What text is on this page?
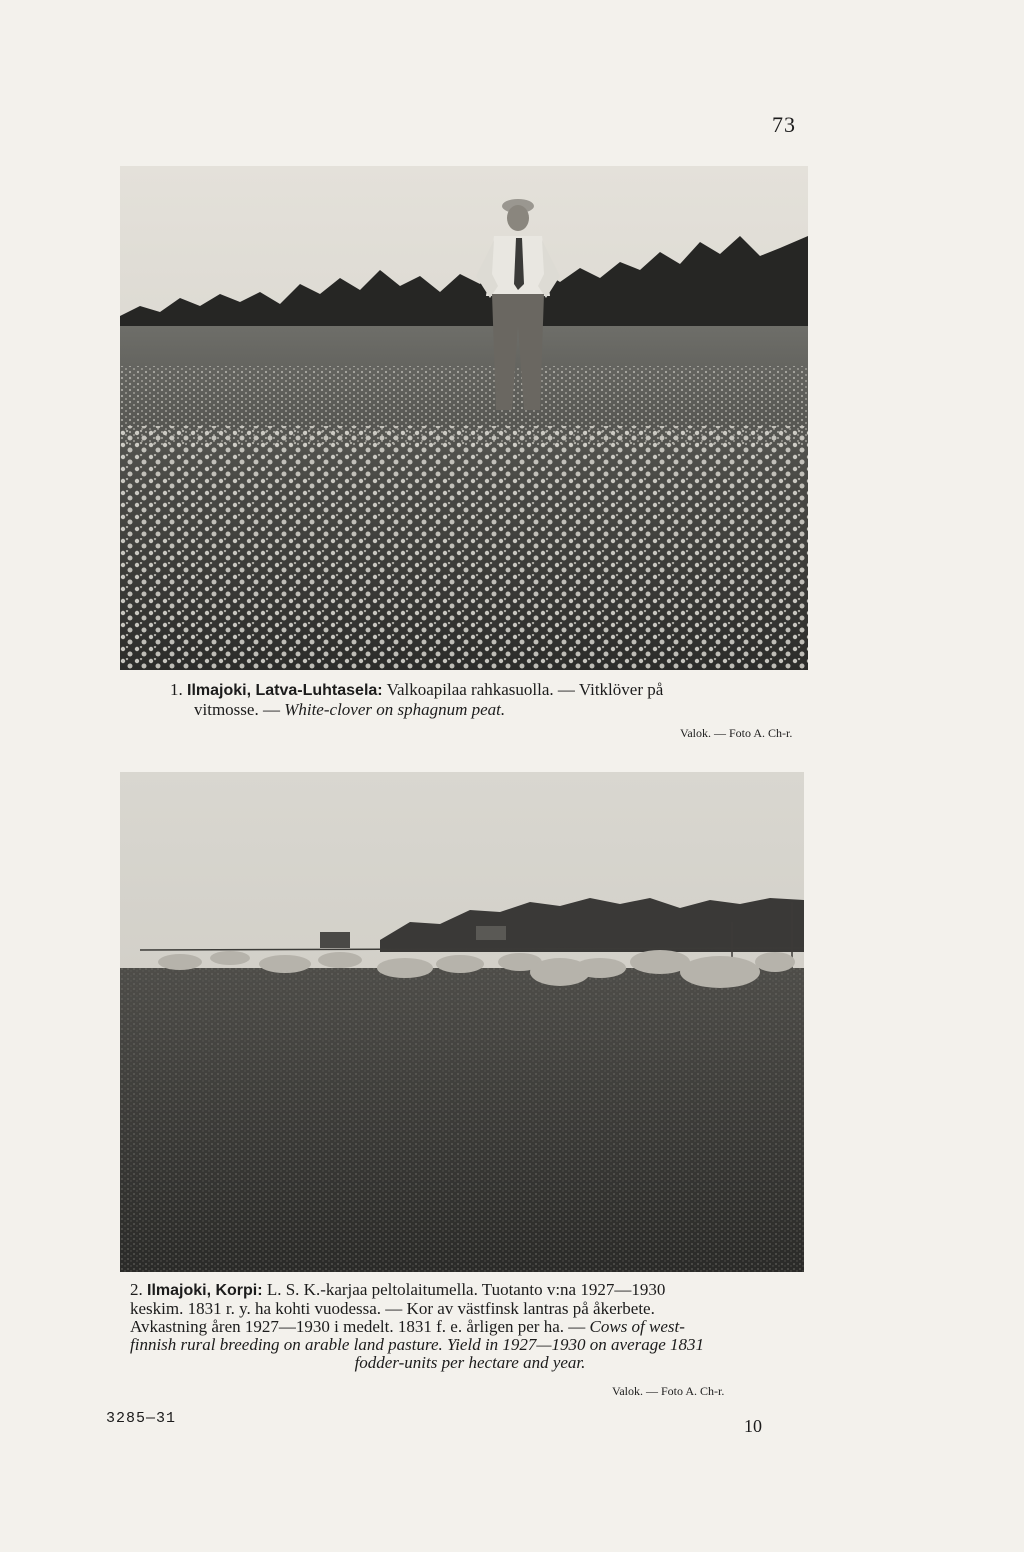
73
1. Ilmajoki, Latva-Luhtasela: Valkoapilaa rahkasuolla. — Vitklöver på
vitmosse. — White-clover on sphagnum peat.
Valok. — Foto A. Ch-r.
2. Ilmajoki, Korpi: L. S. K.-karjaa peltolaitumella. Tuotanto v:na 1927—1930
keskim. 1831 r. y. ha kohti vuodessa. — Kor av västfinsk lantras på åkerbete.
Avkastning åren 1927—1930 i medelt. 1831 f. e. årligen per ha. — Cows of west-
finnish rural breeding on arable land pasture. Yield in 1927—1930 on average 1831
fodder-units per hectare and year.
Valok. — Foto A. Ch-r.
3285—31	10
